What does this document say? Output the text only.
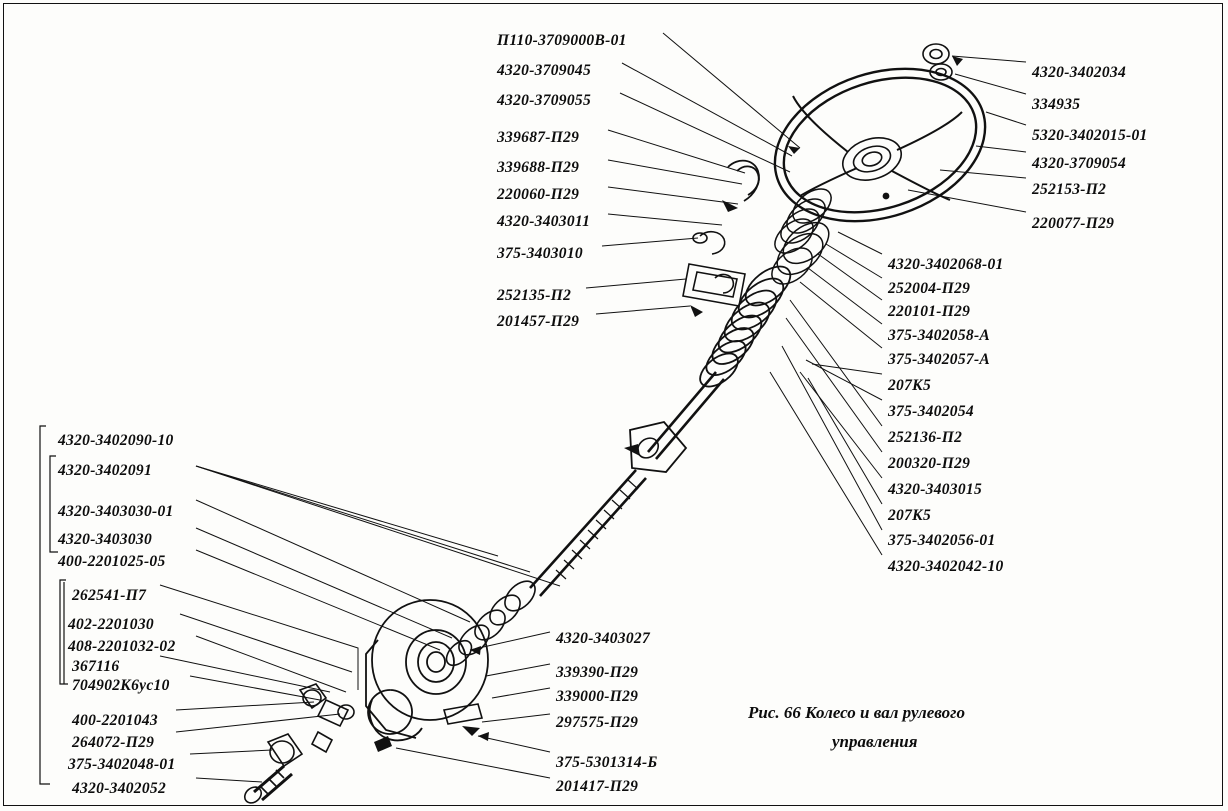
П110-3709000В-01
4320-3709045
4320-3709055
339687-П29
339688-П29
220060-П29
4320-3403011
375-3403010
252135-П2
201457-П29
4320-3402034
334935
5320-3402015-01
4320-3709054
252153-П2
220077-П29
4320-3402068-01
252004-П29
220101-П29
375-3402058-А
375-3402057-А
207К5
375-3402054
252136-П2
200320-П29
4320-3403015
207К5
375-3402056-01
4320-3402042-10
4320-3402090-10
4320-3402091
4320-3403030-01
4320-3403030
400-2201025-05
262541-П7
402-2201030
408-2201032-02
367116
704902К6ус10
400-2201043
264072-П29
375-3402048-01
4320-3402052
4320-3403027
339390-П29
339000-П29
297575-П29
375-5301314-Б
201417-П29
Рис. 66 Колесо и вал рулевого
управления
